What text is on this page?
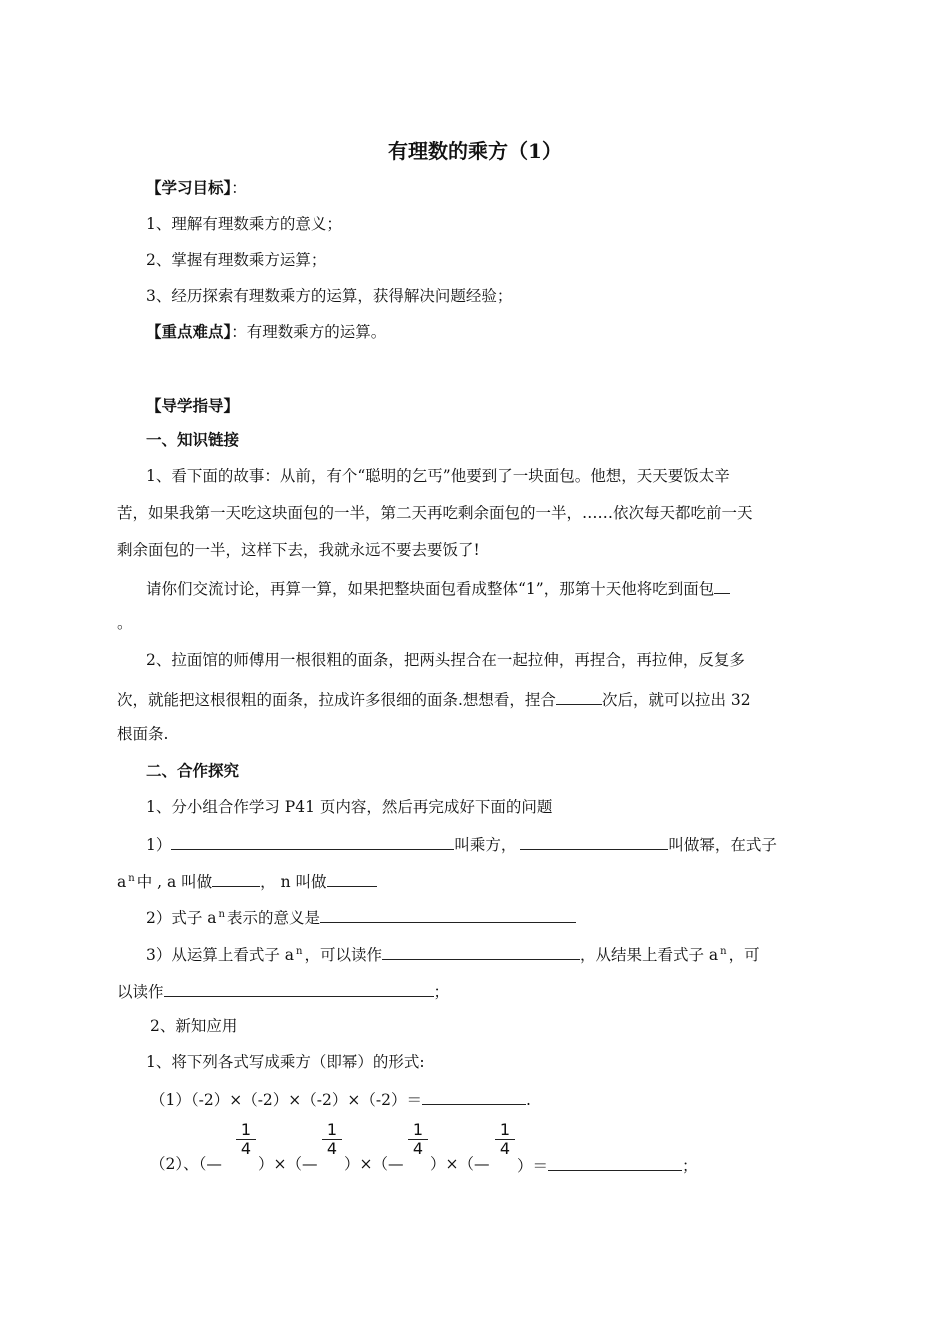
有理数的乘方（1）
【学习目标】：
1、理解有理数乘方的意义；
2、掌握有理数乘方运算；
3、经历探索有理数乘方的运算，获得解决问题经验；
【重点难点】：有理数乘方的运算。
【导学指导】
一、知识链接
1、看下面的故事：从前，有个“聪明的乞丐”他要到了一块面包。他想，天天要饭太辛
苦，如果我第一天吃这块面包的一半，第二天再吃剩余面包的一半，……依次每天都吃前一天
剩余面包的一半，这样下去，我就永远不要去要饭了!
请你们交流讨论，再算一算，如果把整块面包看成整体“1”，那第十天他将吃到面包
。
2、拉面馆的师傅用一根很粗的面条，把两头捏合在一起拉伸，再捏合，再拉伸，反复多
次，就能把这根很粗的面条，拉成许多很细的面条.想想看，捏合	次后，就可以拉出 32
根面条.
二、合作探究
1、分小组合作学习 P41 页内容，然后再完成好下面的问题
1）	叫乘方，	叫做幂，在式子
a $^n$ 中 , a 叫做	， n 叫做
2）式子 a $^n$ 表示的意义是
3）从运算上看式子 a $^n$ ，可以读作	，从结果上看式子 a $^n$ ，可
以读作	；
2、新知应用
1、将下列各式写成乘方（即幂）的形式:
（1）（-2）×（-2）×（-2）×（-2）＝	.
$\frac{1}{4}$	$\frac{1}{4}$	$\frac{1}{4}$	$\frac{1}{4}$
（2）、（— ）×（— ）×（— ）×（— ）＝	；
